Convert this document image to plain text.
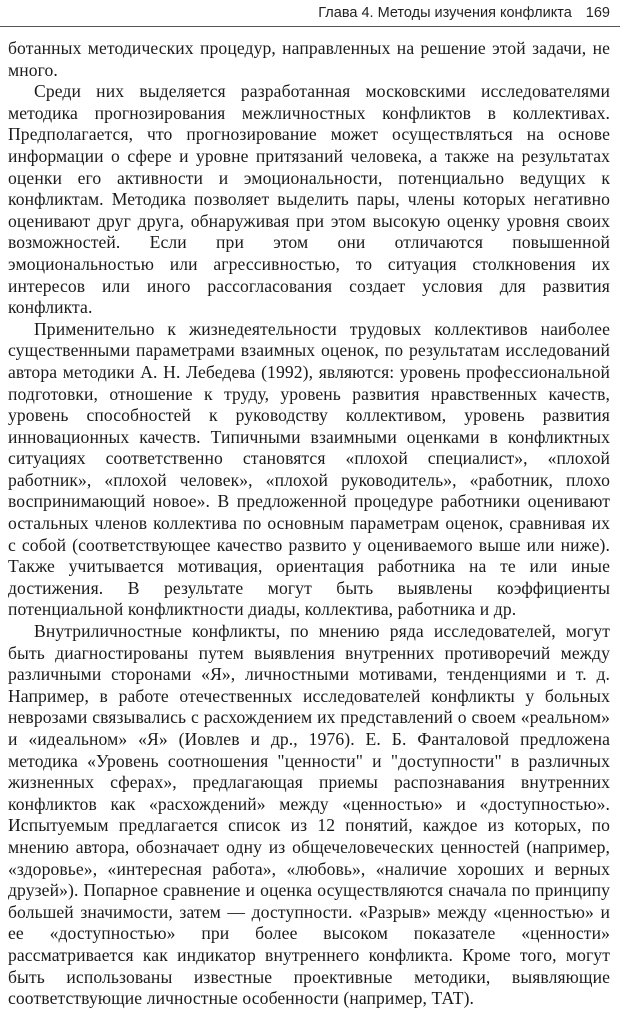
Глава 4. Методы изучения конфликта 169

ботанных методических процедур, направленных на решение этой задачи, не много.

Среди них выделяется разработанная московскими исследователями методика прогнозирования межличностных конфликтов в коллективах. Предполагается, что прогнозирование может осуществляться на основе информации о сфере и уровне притязаний человека, а также на результатах оценки его активности и эмоциональности, потенциально ведущих к конфликтам. Методика позволяет выделить пары, члены которых негативно оценивают друг друга, обнаруживая при этом высокую оценку уровня своих возможностей. Если при этом они отличаются повышенной эмоциональностью или агрессивностью, то ситуация столкновения их интересов или иного рассогласования создает условия для развития конфликта.

Применительно к жизнедеятельности трудовых коллективов наиболее существенными параметрами взаимных оценок, по результатам исследований автора методики А. Н. Лебедева (1992), являются: уровень профессиональной подготовки, отношение к труду, уровень развития нравственных качеств, уровень способностей к руководству коллективом, уровень развития инновационных качеств. Типичными взаимными оценками в конфликтных ситуациях соответственно становятся «плохой специалист», «плохой работник», «плохой человек», «плохой руководитель», «работник, плохо воспринимающий новое». В предложенной процедуре работники оценивают остальных членов коллектива по основным параметрам оценок, сравнивая их с собой (соответствующее качество развито у оцениваемого выше или ниже). Также учитывается мотивация, ориентация работника на те или иные достижения. В результате могут быть выявлены коэффициенты потенциальной конфликтности диады, коллектива, работника и др.

Внутриличностные конфликты, по мнению ряда исследователей, могут быть диагностированы путем выявления внутренних противоречий между различными сторонами «Я», личностными мотивами, тенденциями и т. д. Например, в работе отечественных исследователей конфликты у больных неврозами связывались с расхождением их представлений о своем «реальном» и «идеальном» «Я» (Иовлев и др., 1976). Е. Б. Фанталовой предложена методика «Уровень соотношения "ценности" и "доступности" в различных жизненных сферах», предлагающая приемы распознавания внутренних конфликтов как «расхождений» между «ценностью» и «доступностью». Испытуемым предлагается список из 12 понятий, каждое из которых, по мнению автора, обозначает одну из общечеловеческих ценностей (например, «здоровье», «интересная работа», «любовь», «наличие хороших и верных друзей»). Попарное сравнение и оценка осуществляются сначала по принципу большей значимости, затем — доступности. «Разрыв» между «ценностью» и ее «доступностью» при более высоком показателе «ценности» рассматривается как индикатор внутреннего конфликта. Кроме того, могут быть использованы известные проективные методики, выявляющие соответствующие личностные особенности (например, ТАТ).
